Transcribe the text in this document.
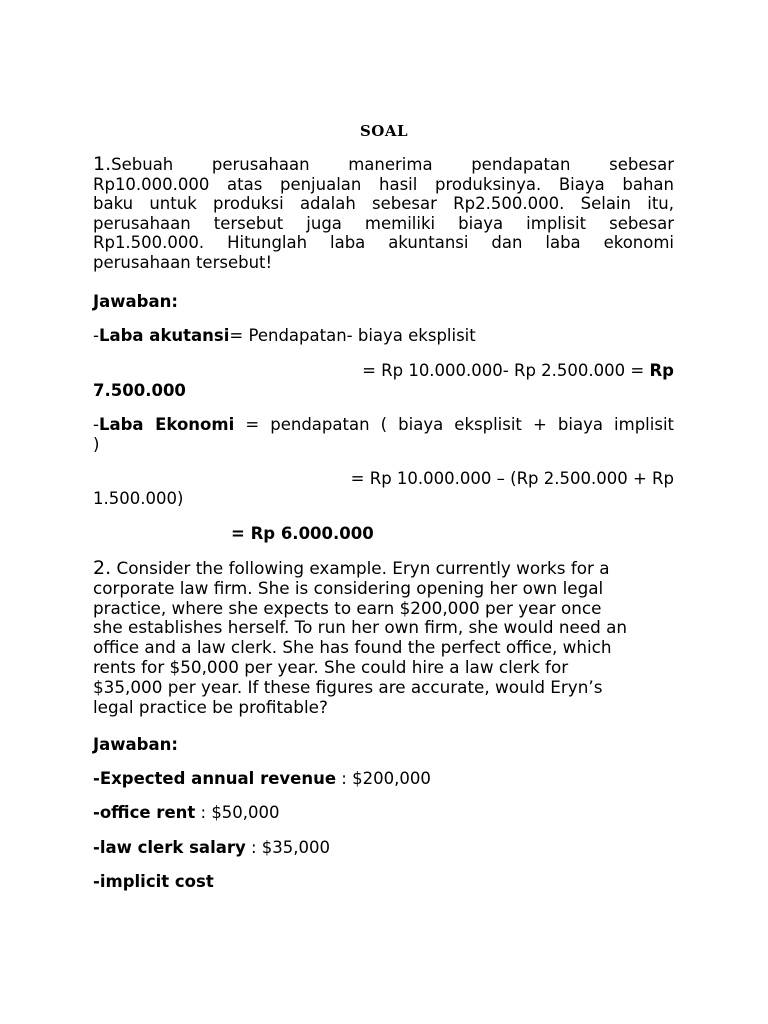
SOAL
1.Sebuah perusahaan manerima pendapatan sebesar
Rp10.000.000 atas penjualan hasil produksinya. Biaya bahan
baku untuk produksi adalah sebesar Rp2.500.000. Selain itu,
perusahaan tersebut juga memiliki biaya implisit sebesar
Rp1.500.000. Hitunglah laba akuntansi dan laba ekonomi
perusahaan tersebut!
Jawaban:
-Laba akutansi= Pendapatan- biaya eksplisit
= Rp 10.000.000- Rp 2.500.000 = Rp
7.500.000
-Laba Ekonomi = pendapatan ( biaya eksplisit + biaya implisit
)
= Rp 10.000.000 – (Rp 2.500.000 + Rp
1.500.000)
= Rp 6.000.000
2. Consider the following example. Eryn currently works for a
corporate law firm. She is considering opening her own legal
practice, where she expects to earn $200,000 per year once
she establishes herself. To run her own firm, she would need an
office and a law clerk. She has found the perfect office, which
rents for $50,000 per year. She could hire a law clerk for
$35,000 per year. If these figures are accurate, would Eryn’s
legal practice be profitable?
Jawaban:
-Expected annual revenue : $200,000
-office rent : $50,000
-law clerk salary : $35,000
-implicit cost
